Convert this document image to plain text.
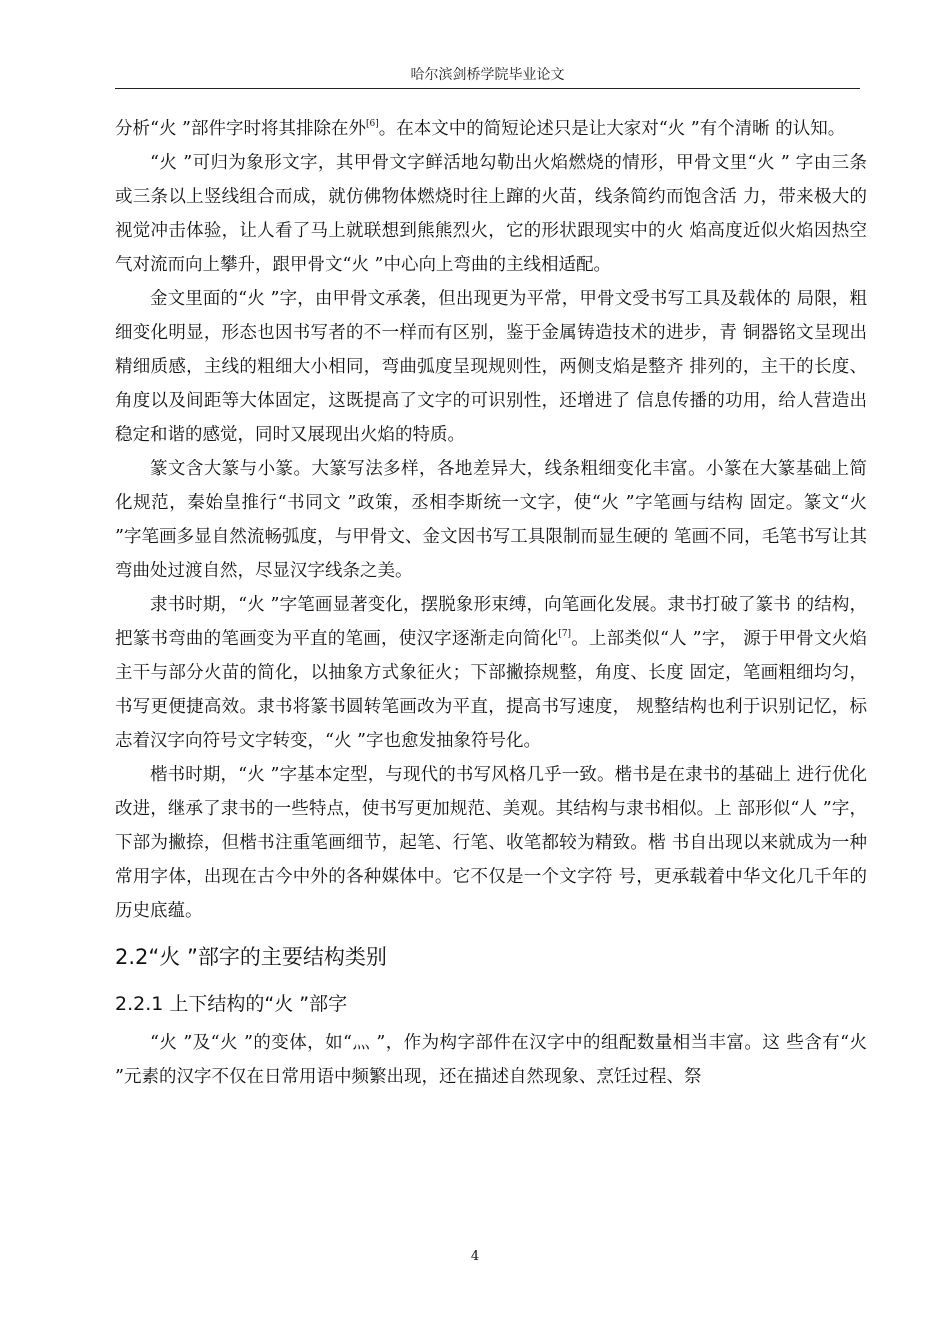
哈尔滨剑桥学院毕业论文

分析“火 ”部件字时将其排除在外[6]。在本文中的简短论述只是让大家对“火 ”有个清晰 的认知。

“火 ”可归为象形文字，其甲骨文字鲜活地勾勒出火焰燃烧的情形，甲骨文里“火 ” 字由三条或三条以上竖线组合而成，就仿佛物体燃烧时往上蹿的火苗，线条简约而饱含活 力，带来极大的视觉冲击体验，让人看了马上就联想到熊熊烈火，它的形状跟现实中的火 焰高度近似火焰因热空气对流而向上攀升，跟甲骨文“火 ”中心向上弯曲的主线相适配。

金文里面的“火 ”字，由甲骨文承袭，但出现更为平常，甲骨文受书写工具及载体的 局限，粗细变化明显，形态也因书写者的不一样而有区别，鉴于金属铸造技术的进步，青 铜器铭文呈现出精细质感，主线的粗细大小相同，弯曲弧度呈现规则性，两侧支焰是整齐 排列的，主干的长度、角度以及间距等大体固定，这既提高了文字的可识别性，还增进了 信息传播的功用，给人营造出稳定和谐的感觉，同时又展现出火焰的特质。

篆文含大篆与小篆。大篆写法多样，各地差异大，线条粗细变化丰富。小篆在大篆基础上简化规范，秦始皇推行“书同文 ”政策，丞相李斯统一文字，使“火 ”字笔画与结构 固定。篆文“火 ”字笔画多显自然流畅弧度，与甲骨文、金文因书写工具限制而显生硬的 笔画不同，毛笔书写让其弯曲处过渡自然，尽显汉字线条之美。

隶书时期，“火 ”字笔画显著变化，摆脱象形束缚，向笔画化发展。隶书打破了篆书 的结构，把篆书弯曲的笔画变为平直的笔画，使汉字逐渐走向简化[7]。上部类似“人 ”字， 源于甲骨文火焰主干与部分火苗的简化，以抽象方式象征火；下部撇捺规整，角度、长度 固定，笔画粗细均匀，书写更便捷高效。隶书将篆书圆转笔画改为平直，提高书写速度， 规整结构也利于识别记忆，标志着汉字向符号文字转变，“火 ”字也愈发抽象符号化。

楷书时期，“火 ”字基本定型，与现代的书写风格几乎一致。楷书是在隶书的基础上 进行优化改进，继承了隶书的一些特点，使书写更加规范、美观。其结构与隶书相似。上 部形似“人 ”字，下部为撇捺，但楷书注重笔画细节，起笔、行笔、收笔都较为精致。楷 书自出现以来就成为一种常用字体，出现在古今中外的各种媒体中。它不仅是一个文字符 号，更承载着中华文化几千年的历史底蕴。

2.2“火 ”部字的主要结构类别
2.2.1 上下结构的“火 ”部字

“火 ”及“火 ”的变体，如“灬 ”，作为构字部件在汉字中的组配数量相当丰富。这 些含有“火 ”元素的汉字不仅在日常用语中频繁出现，还在描述自然现象、烹饪过程、祭

4
